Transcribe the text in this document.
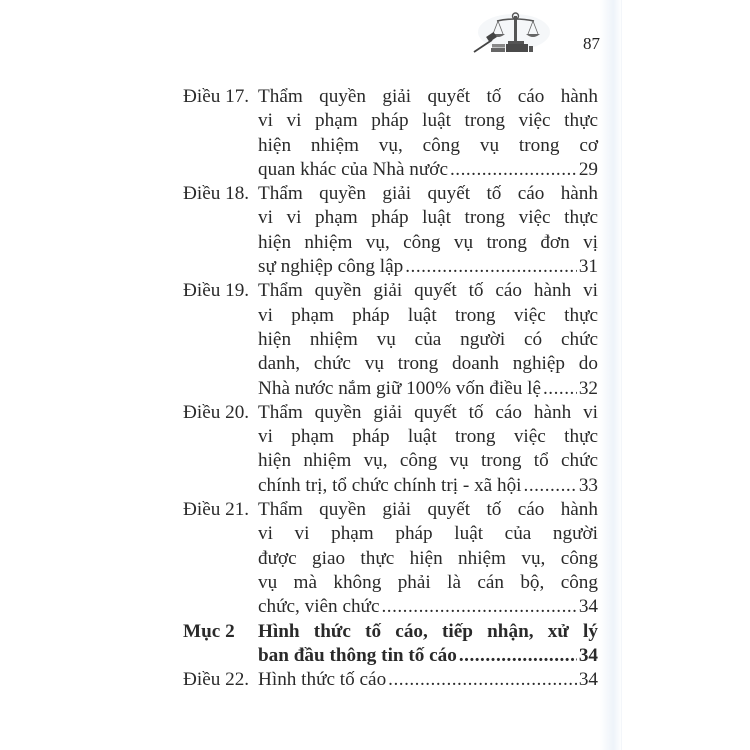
87
Điều 17. Thẩm quyền giải quyết tố cáo hành
vi vi phạm pháp luật trong việc thực
hiện nhiệm vụ, công vụ trong cơ
quan khác của Nhà nước .....	29
Điều 18. Thẩm quyền giải quyết tố cáo hành
vi vi phạm pháp luật trong việc thực
hiện nhiệm vụ, công vụ trong đơn vị
sự nghiệp công lập .....	31
Điều 19. Thẩm quyền giải quyết tố cáo hành vi
vi phạm pháp luật trong việc thực
hiện nhiệm vụ của người có chức
danh, chức vụ trong doanh nghiệp do
Nhà nước nắm giữ 100% vốn điều lệ ..... 32
Điều 20. Thẩm quyền giải quyết tố cáo hành vi
vi phạm pháp luật trong việc thực
hiện nhiệm vụ, công vụ trong tổ chức
chính trị, tổ chức chính trị - xã hội .....	33
Điều 21. Thẩm quyền giải quyết tố cáo hành
vi vi phạm pháp luật của người
được giao thực hiện nhiệm vụ, công
vụ mà không phải là cán bộ, công
chức, viên chức .....	34
Mục 2	Hình thức tố cáo, tiếp nhận, xử lý
ban đầu thông tin tố cáo .....	34
Điều 22. Hình thức tố cáo .....	34
